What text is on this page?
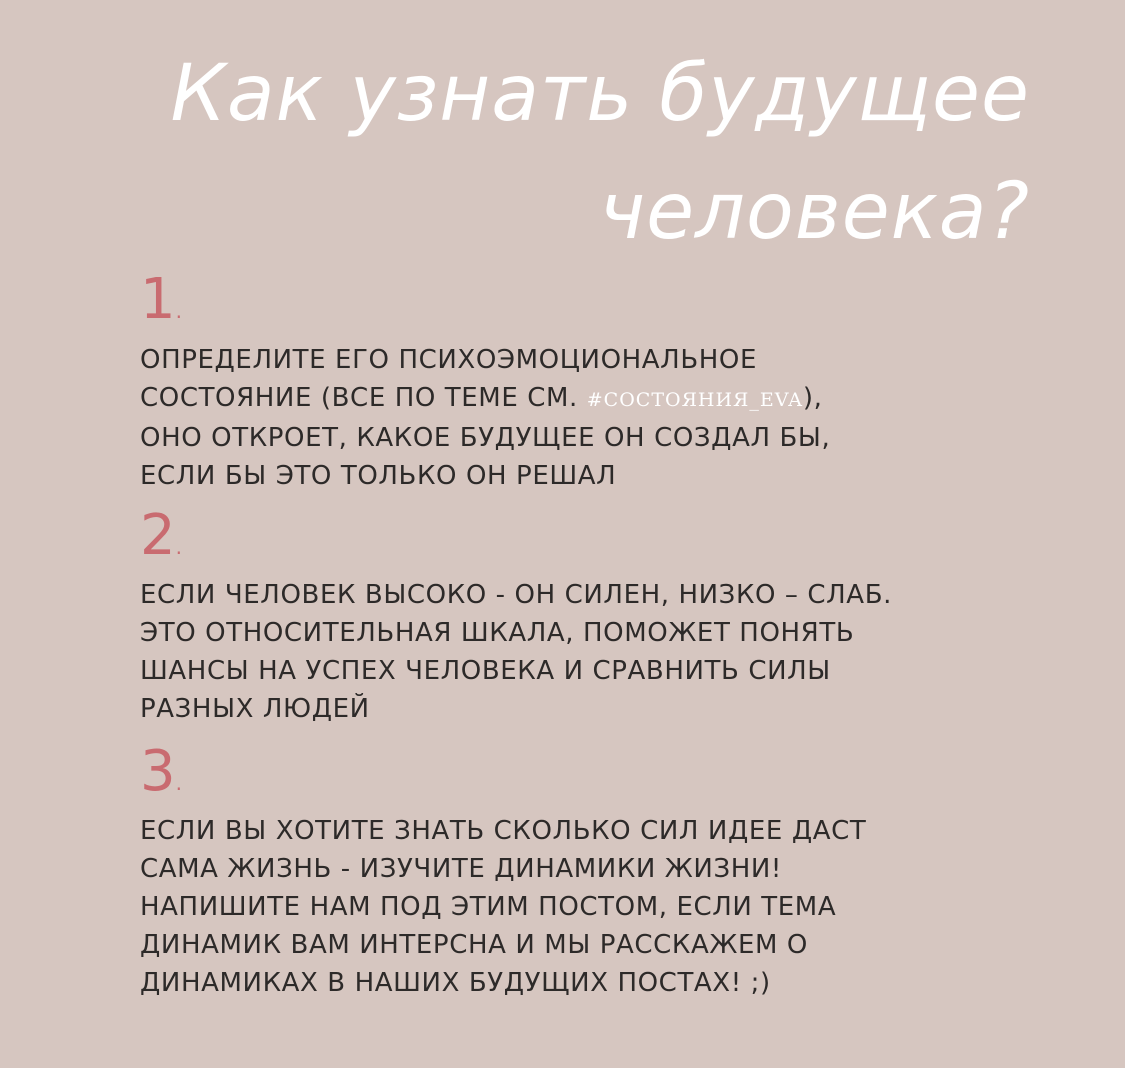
Как узнать будущее
человека?
1.
ОПРЕДЕЛИТЕ ЕГО ПСИХОЭМОЦИОНАЛЬНОЕ
СОСТОЯНИЕ (ВСЕ ПО ТЕМЕ СМ. #СОСТОЯНИЯ_EVA),
ОНО ОТКРОЕТ, КАКОЕ БУДУЩЕЕ ОН СОЗДАЛ БЫ,
ЕСЛИ БЫ ЭТО ТОЛЬКО ОН РЕШАЛ
2.
ЕСЛИ ЧЕЛОВЕК ВЫСОКО - ОН СИЛЕН, НИЗКО – СЛАБ.
ЭТО ОТНОСИТЕЛЬНАЯ ШКАЛА, ПОМОЖЕТ ПОНЯТЬ
ШАНСЫ НА УСПЕХ ЧЕЛОВЕКА И СРАВНИТЬ СИЛЫ
РАЗНЫХ ЛЮДЕЙ
3.
ЕСЛИ ВЫ ХОТИТЕ ЗНАТЬ СКОЛЬКО СИЛ ИДЕЕ ДАСТ
САМА ЖИЗНЬ - ИЗУЧИТЕ ДИНАМИКИ ЖИЗНИ!
НАПИШИТЕ НАМ ПОД ЭТИМ ПОСТОМ, ЕСЛИ ТЕМА
ДИНАМИК ВАМ ИНТЕРСНА И МЫ РАССКАЖЕМ О
ДИНАМИКАХ В НАШИХ БУДУЩИХ ПОСТАХ! ;)
